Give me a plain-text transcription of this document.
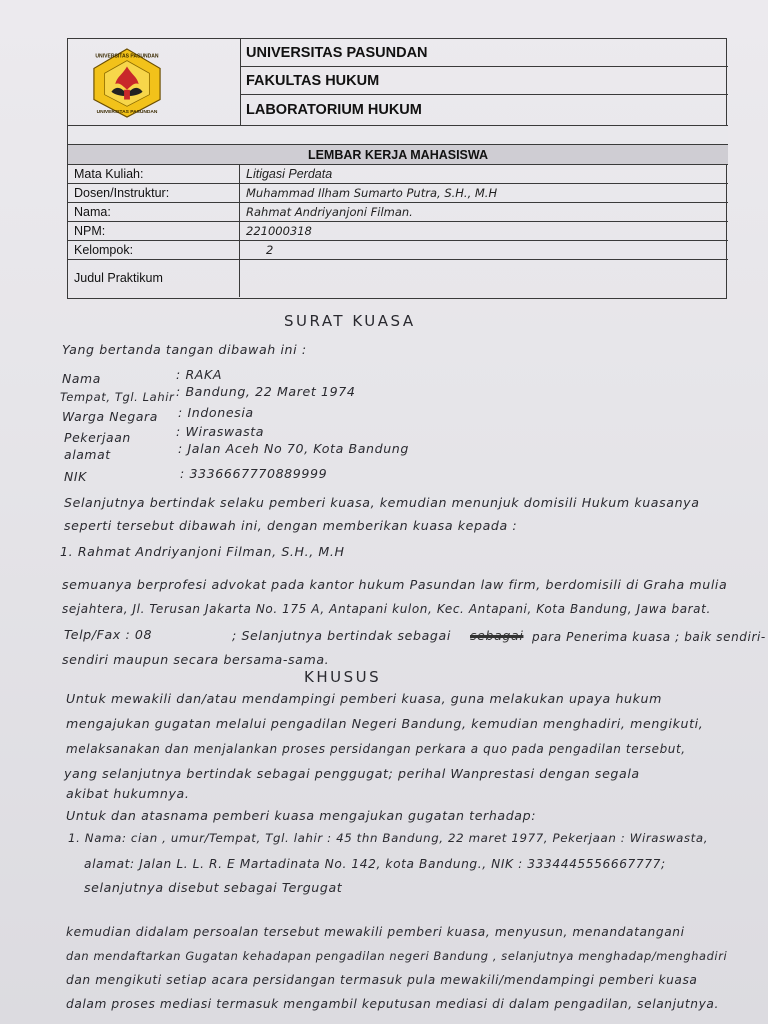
UNIVERSITAS PASUNDAN
UNIVERSITAS PASUNDAN
UNIVERSITAS PASUNDAN
FAKULTAS HUKUM
LABORATORIUM HUKUM
LEMBAR KERJA MAHASISWA
Mata Kuliah:	Litigasi Perdata
Dosen/Instruktur:	Muhammad Ilham Sumarto Putra, S.H., M.H
Nama:	Rahmat Andriyanjoni Filman.
NPM:	221000318
Kelompok:	2
Judul Praktikum
SURAT KUASA
Yang bertanda tangan dibawah ini :
Nama	: RAKA
Tempat, Tgl. Lahir : Bandung, 22 Maret 1974
Warga Negara : Indonesia
Pekerjaan	: Wiraswasta
alamat	: Jalan Aceh No 70, Kota Bandung
NIK	: 3336667770889999
Selanjutnya bertindak selaku pemberi kuasa, kemudian menunjuk domisili Hukum kuasanya
seperti tersebut dibawah ini, dengan memberikan kuasa kepada :
1. Rahmat Andriyanjoni Filman, S.H., M.H
semuanya berprofesi advokat pada kantor hukum Pasundan law firm, berdomisili di Graha mulia
sejahtera, Jl. Terusan Jakarta No. 175 A, Antapani kulon, Kec. Antapani, Kota Bandung, Jawa barat.
Telp/Fax : 08	; Selanjutnya bertindak sebagai sebagai para Penerima kuasa ; baik sendiri-
sendiri maupun secara bersama-sama.
KHUSUS
Untuk mewakili dan/atau mendampingi pemberi kuasa, guna melakukan upaya hukum
mengajukan gugatan melalui pengadilan Negeri Bandung, kemudian menghadiri, mengikuti,
melaksanakan dan menjalankan proses persidangan perkara a quo pada pengadilan tersebut,
yang selanjutnya bertindak sebagai penggugat; perihal Wanprestasi dengan segala
akibat hukumnya.
Untuk dan atasnama pemberi kuasa mengajukan gugatan terhadap:
1. Nama: cian , umur/Tempat, Tgl. lahir : 45 thn Bandung, 22 maret 1977, Pekerjaan : Wiraswasta,
alamat: Jalan L. L. R. E Martadinata No. 142, kota Bandung., NIK : 3334445556667777;
selanjutnya disebut sebagai Tergugat
kemudian didalam persoalan tersebut mewakili pemberi kuasa, menyusun, menandatangani
dan mendaftarkan Gugatan kehadapan pengadilan negeri Bandung , selanjutnya menghadap/menghadiri
dan mengikuti setiap acara persidangan termasuk pula mewakili/mendampingi pemberi kuasa
dalam proses mediasi termasuk mengambil keputusan mediasi di dalam pengadilan, selanjutnya.
